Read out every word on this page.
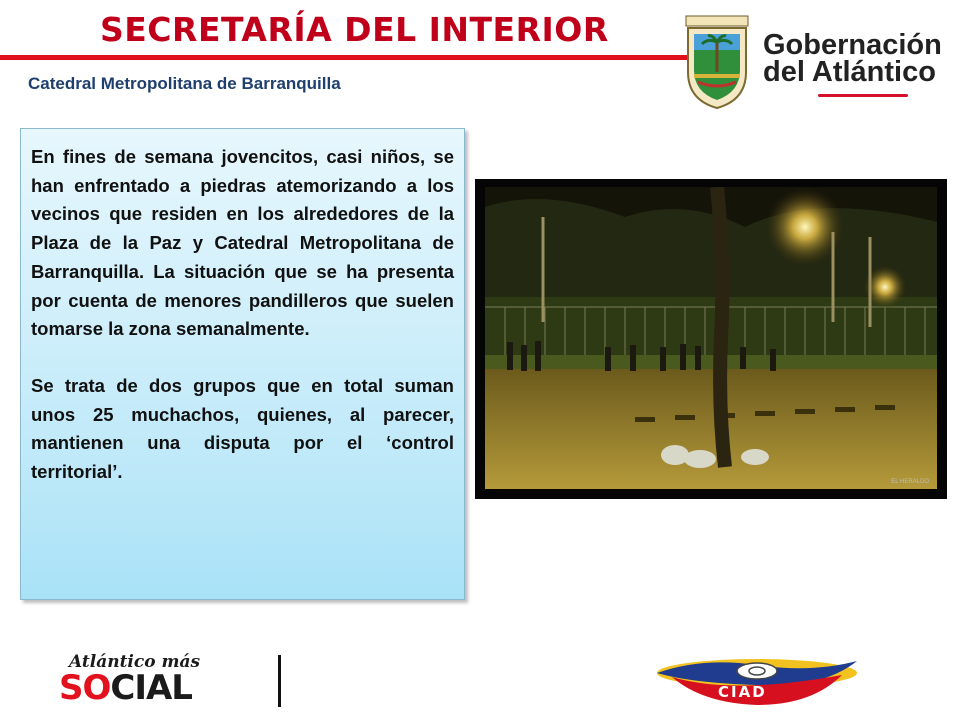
SECRETARÍA DEL INTERIOR
Catedral Metropolitana de Barranquilla
Gobernación
del Atlántico

En fines de semana jovencitos, casi niños, se han enfrentado a piedras atemorizando a los vecinos que residen en los alrededores de la Plaza de la Paz y Catedral Metropolitana de Barranquilla. La situación que se ha presenta por cuenta de menores pandilleros que suelen tomarse la zona semanalmente.

Se trata de dos grupos que en total suman unos 25 muchachos, quienes, al parecer, mantienen una disputa por el ‘control territorial’.	EL HERALDO
Atlántico más
SOCIAL	CIAD
